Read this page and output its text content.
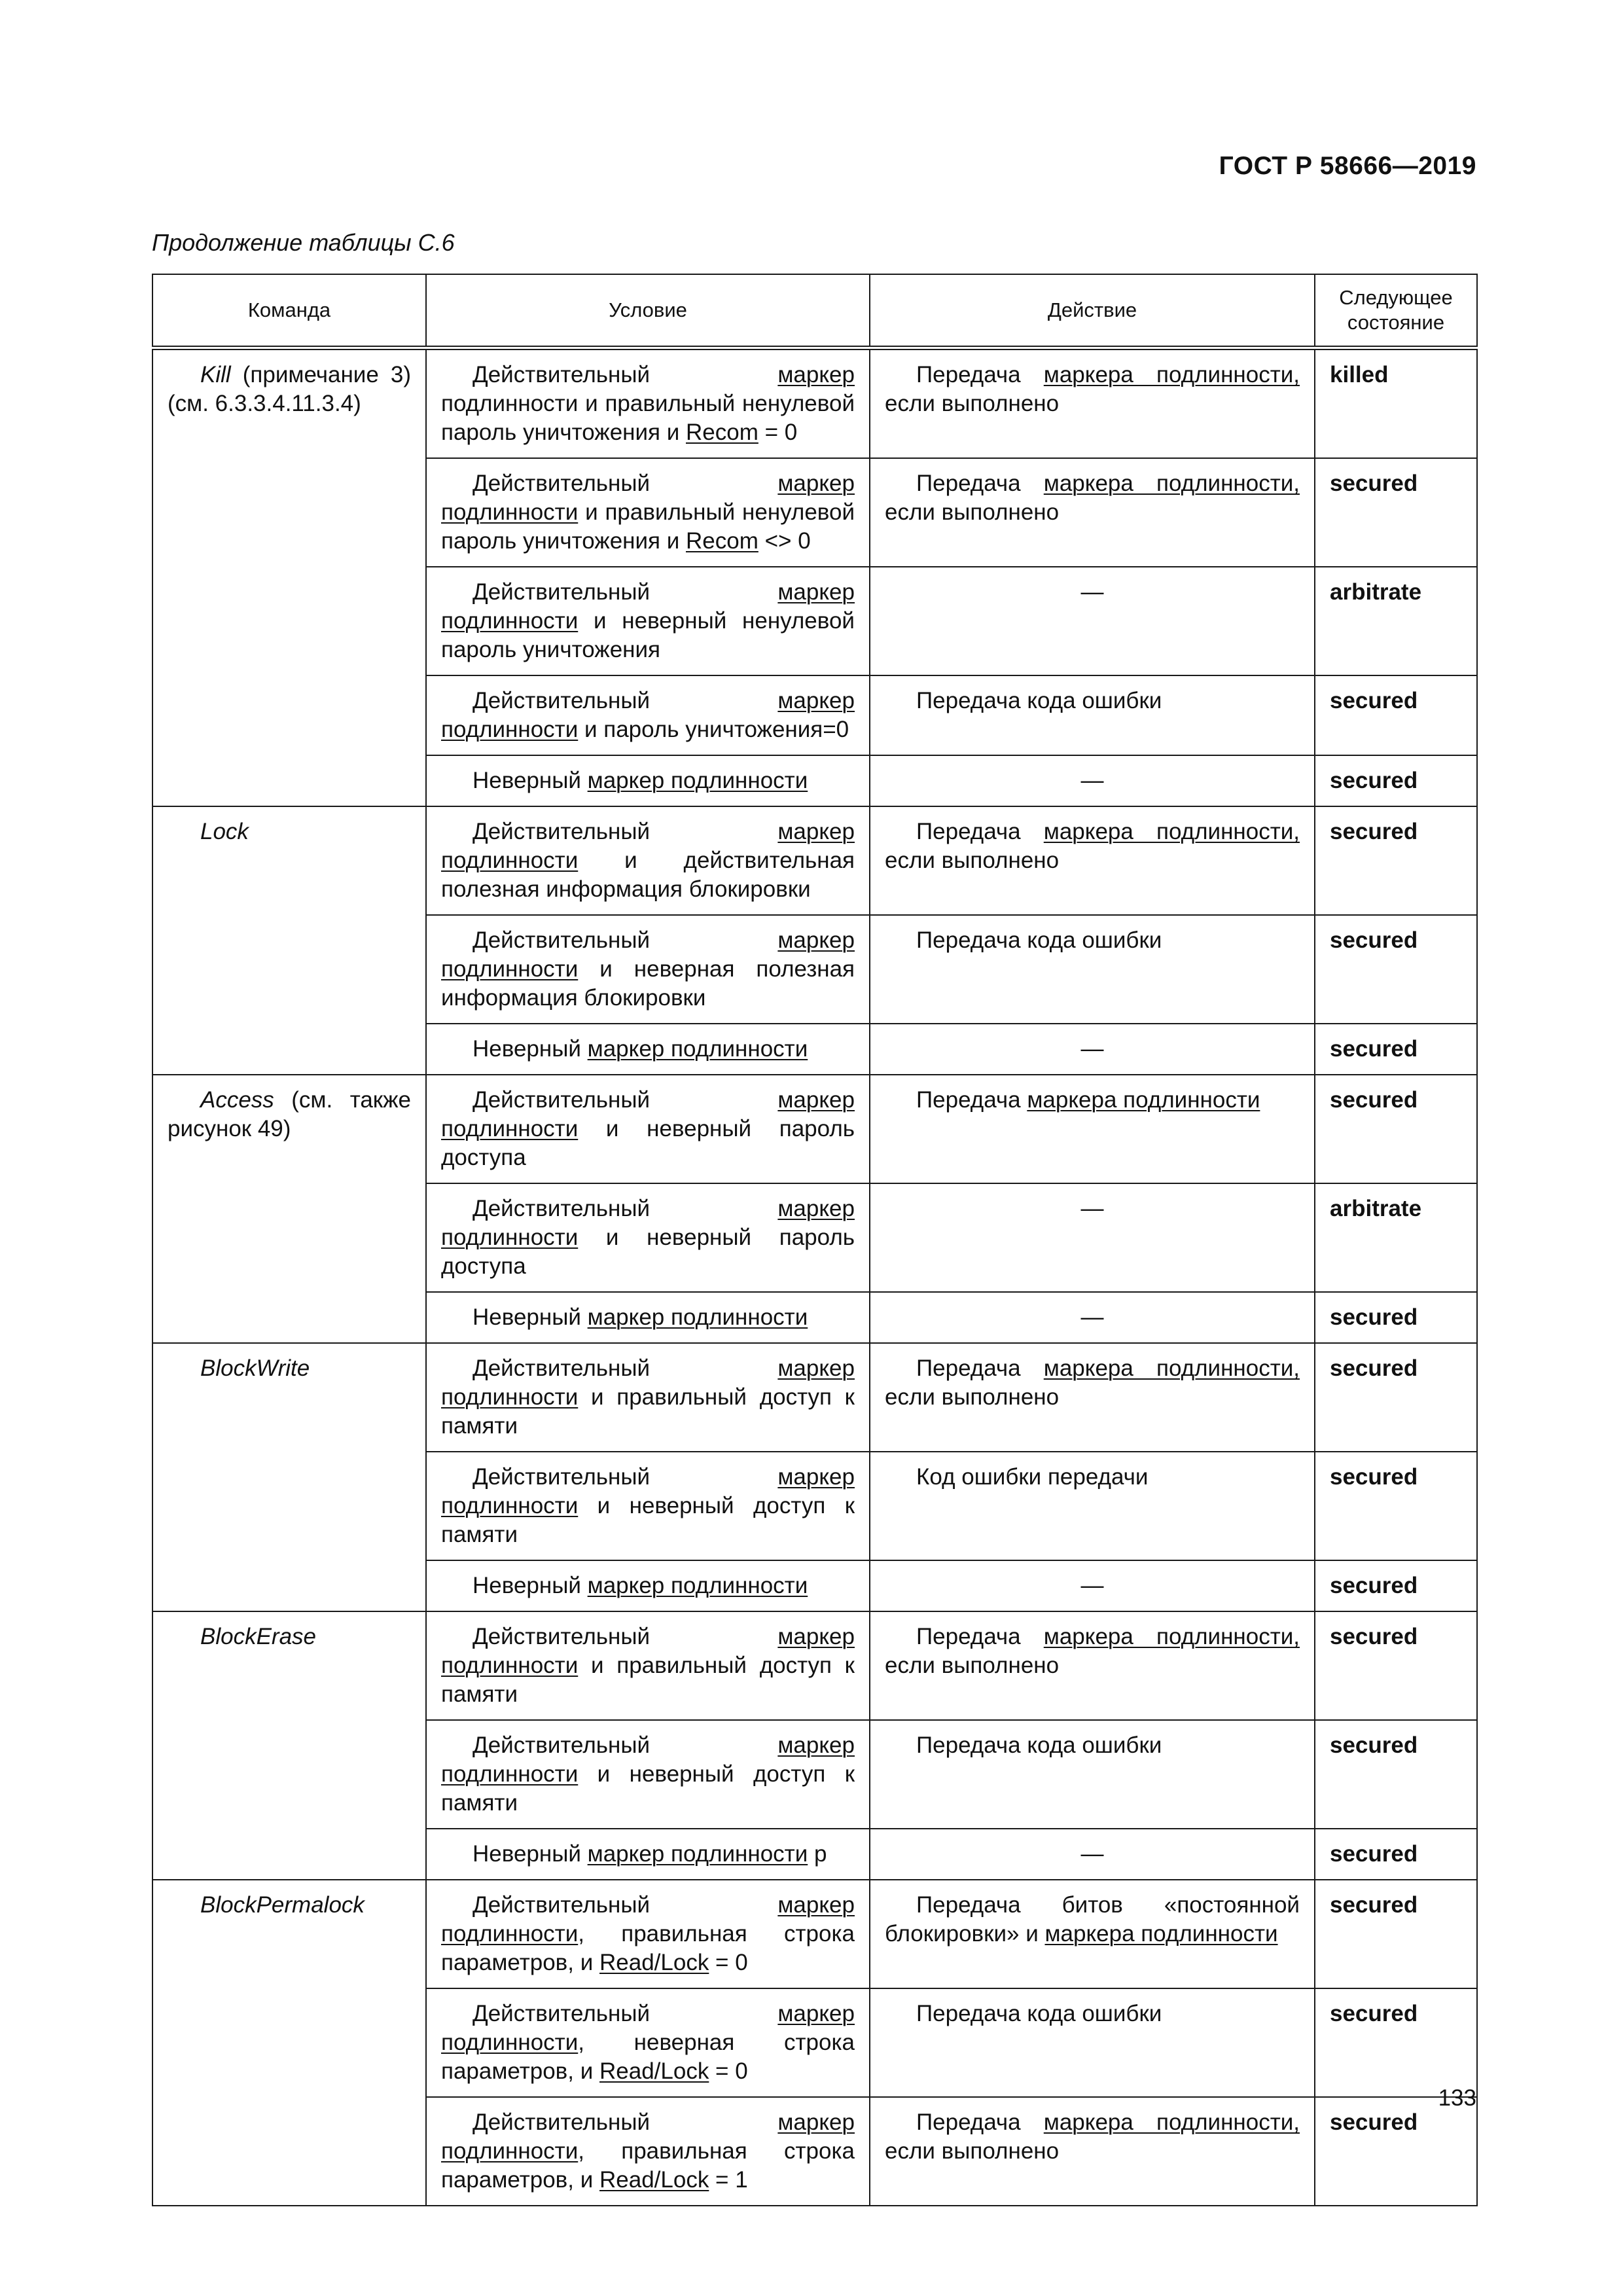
ГОСТ Р 58666—2019
Продолжение таблицы С.6
Команда	Условие	Действие	Следующее состояние

Kill (примечание 3) (см. 6.3.3.4.11.3.4)	Действительный маркер подлинности и правильный ненулевой пароль уничтожения и Recom = 0	Передача маркера подлинности, если выполнено	killed

	Действительный маркер подлинности и правильный ненулевой пароль уничтожения и Recom <> 0	Передача маркера подлинности, если выполнено	secured

	Действительный маркер подлинности и неверный ненулевой пароль уничтожения	—	arbitrate

	Действительный маркер подлинности и пароль уничтожения=0	Передача кода ошибки	secured

	Неверный маркер подлинности	—	secured

Lock	Действительный маркер подлинности и действительная полезная информация блокировки	Передача маркера подлинности, если выполнено	secured

	Действительный маркер подлинности и неверная полезная информация блокировки	Передача кода ошибки	secured

	Неверный маркер подлинности	—	secured

Access (см. также рисунок 49)	Действительный маркер подлинности и неверный пароль доступа	Передача маркера подлинности	secured

	Действительный маркер подлинности и неверный пароль доступа	—	arbitrate

	Неверный маркер подлинности	—	secured

BlockWrite	Действительный маркер подлинности и правильный доступ к памяти	Передача маркера подлинности, если выполнено	secured

	Действительный маркер подлинности и неверный доступ к памяти	Код ошибки передачи	secured

	Неверный маркер подлинности	—	secured

BlockErase	Действительный маркер подлинности и правильный доступ к памяти	Передача маркера подлинности, если выполнено	secured

	Действительный маркер подлинности и неверный доступ к памяти	Передача кода ошибки	secured

	Неверный маркер подлинности р	—	secured

BlockPermalock	Действительный маркер подлинности, правильная строка параметров, и Read/Lock = 0	Передача битов «постоянной блокировки» и маркера подлинности	secured

	Действительный маркер подлинности, неверная строка параметров, и Read/Lock = 0	Передача кода ошибки	secured

	Действительный маркер подлинности, правильная строка параметров, и Read/Lock = 1	Передача маркера подлинности, если выполнено	secured
133
